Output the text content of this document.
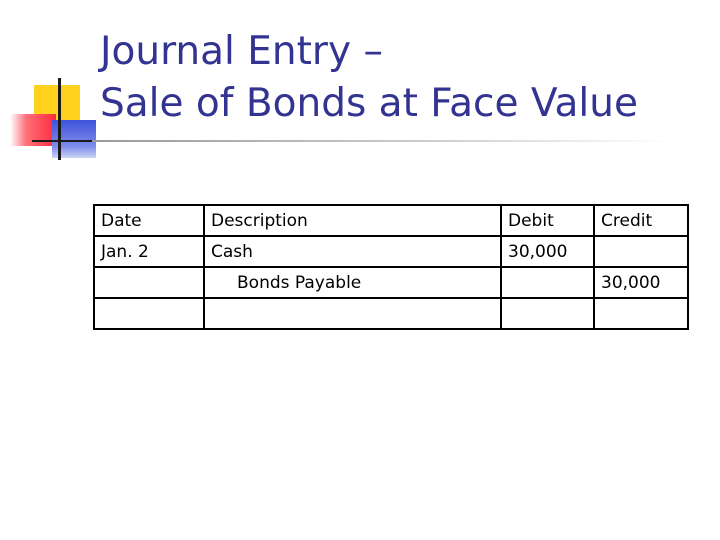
Journal Entry –
Sale of Bonds at Face Value
Date	Description	Debit	Credit
Jan. 2	Cash	30,000	
	Bonds Payable		30,000
